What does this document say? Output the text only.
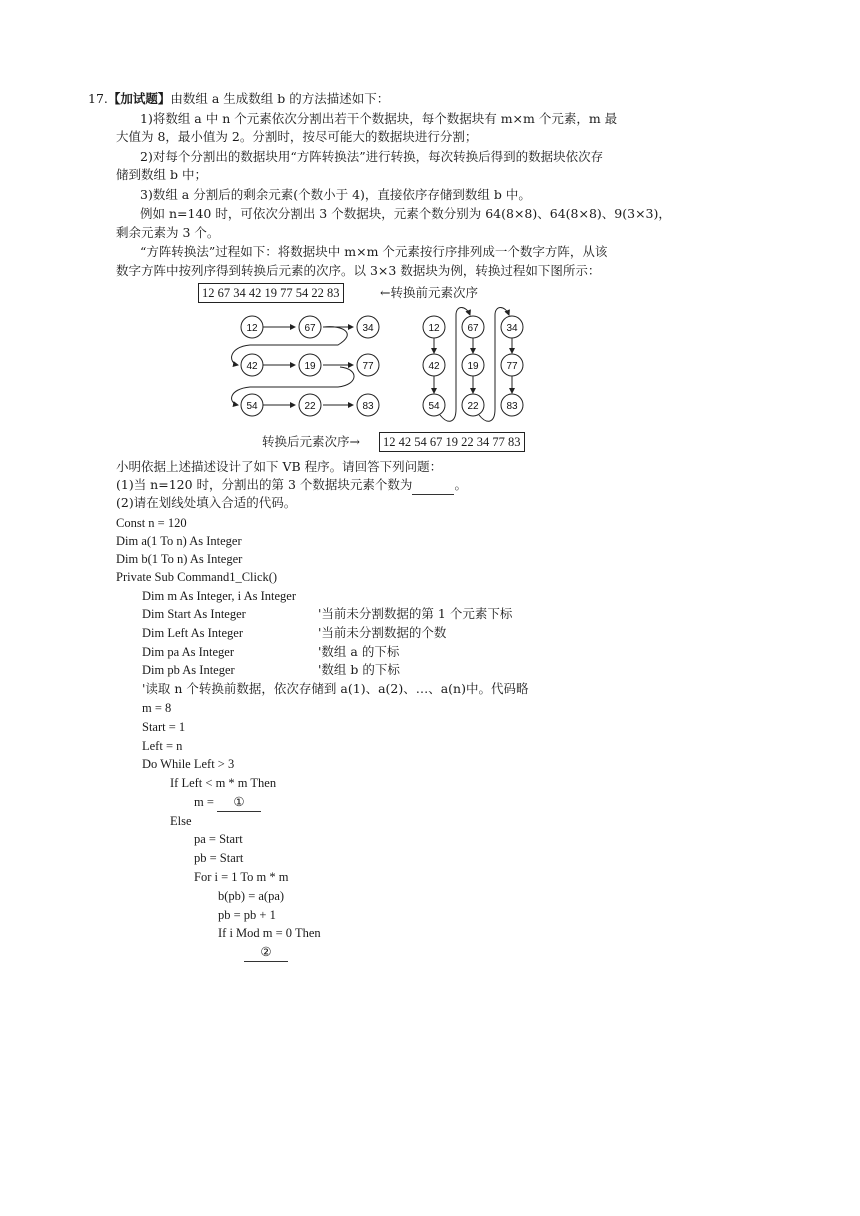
17.【加试题】由数组 a 生成数组 b 的方法描述如下：
1)将数组 a 中 n 个元素依次分割出若干个数据块，每个数据块有 m×m 个元素，m 最
大值为 8，最小值为 2。分割时，按尽可能大的数据块进行分割；
2)对每个分割出的数据块用“方阵转换法”进行转换，每次转换后得到的数据块依次存
储到数组 b 中；
3)数组 a 分割后的剩余元素(个数小于 4)，直接依序存储到数组 b 中。
例如 n=140 时，可依次分割出 3 个数据块，元素个数分别为 64(8×8)、64(8×8)、9(3×3)，
剩余元素为 3 个。
“方阵转换法”过程如下：将数据块中 m×m 个元素按行序排列成一个数字方阵，从该
数字方阵中按列序得到转换后元素的次序。以 3×3 数据块为例，转换过程如下图所示：
12 67 34 42 19 77 54 22 83	←转换前元素次序
12	67	34
42	19	77
54	22	83
12	67	34
42	19	77
54	22	83
转换后元素次序→	12 42 54 67 19 22 34 77 83
小明依据上述描述设计了如下 VB 程序。请回答下列问题：
(1)当 n=120 时，分割出的第 3 个数据块元素个数为	。
(2)请在划线处填入合适的代码。
Const n = 120
Dim a(1 To n) As Integer
Dim b(1 To n) As Integer
Private Sub Command1_Click()
Dim m As Integer, i As Integer
Dim Start As Integer	'当前未分割数据的第 1 个元素下标
Dim Left As Integer	'当前未分割数据的个数
Dim pa As Integer	'数组 a 的下标
Dim pb As Integer	'数组 b 的下标
'读取 n 个转换前数据，依次存储到 a(1)、a(2)、…、a(n)中。代码略
m = 8
Start = 1
Left = n
Do While Left > 3
If Left < m * m Then
m = ①
Else
pa = Start
pb = Start
For i = 1 To m * m
b(pb) = a(pa)
pb = pb + 1
If i Mod m = 0 Then
②
